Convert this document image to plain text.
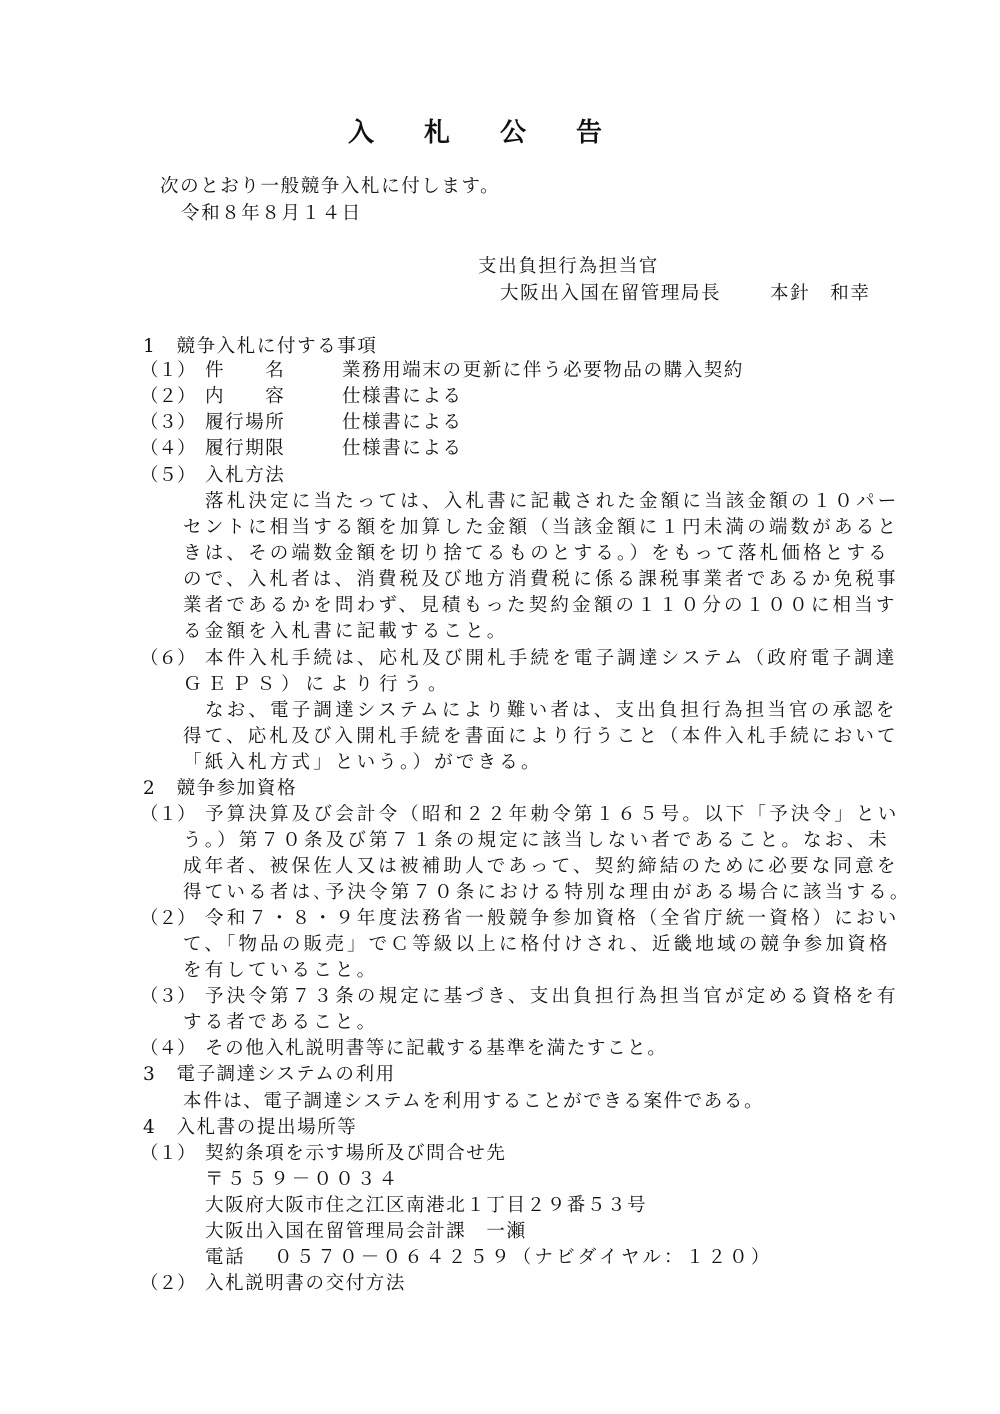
入札公告
次のとおり一般競争入札に付します。
令和８年８月１４日
支出負担行為担当官
大阪出入国在留管理局長	本針　和幸
1　競争入札に付する事項
（１） 件　　名	業務用端末の更新に伴う必要物品の購入契約
（２） 内　　容	仕様書による
（３） 履行場所	仕様書による
（４） 履行期限	仕様書による
（５） 入札方法
落札決定に当たっては、入札書に記載された金額に当該金額の１０パー
セントに相当する額を加算した金額（当該金額に１円未満の端数があると
きは、その端数金額を切り捨てるものとする。）をもって落札価格とする
ので、入札者は、消費税及び地方消費税に係る課税事業者であるか免税事
業者であるかを問わず、見積もった契約金額の１１０分の１００に相当す
る金額を入札書に記載すること。
（６） 本件入札手続は、応札及び開札手続を電子調達システム（政府電子調達
ＧＥＰＳ）により行う。
なお、電子調達システムにより難い者は、支出負担行為担当官の承認を
得て、応札及び入開札手続を書面により行うこと（本件入札手続において
「紙入札方式」という。）ができる。
2　競争参加資格
（１） 予算決算及び会計令（昭和２２年勅令第１６５号。以下「予決令」とい
う。）第７０条及び第７１条の規定に該当しない者であること。なお、未
成年者、被保佐人又は被補助人であって、契約締結のために必要な同意を
得ている者は､予決令第７０条における特別な理由がある場合に該当する。
（２） 令和７・８・９年度法務省一般競争参加資格（全省庁統一資格）におい
て、「物品の販売」でＣ等級以上に格付けされ、近畿地域の競争参加資格
を有していること。
（３） 予決令第７３条の規定に基づき、支出負担行為担当官が定める資格を有
する者であること。
（４） その他入札説明書等に記載する基準を満たすこと。
3　電子調達システムの利用
本件は、電子調達システムを利用することができる案件である。
4　入札書の提出場所等
（１） 契約条項を示す場所及び問合せ先
〒５５９－００３４
大阪府大阪市住之江区南港北１丁目２９番５３号
大阪出入国在留管理局会計課　一瀬
電話 ０５７０－０６４２５９（ナビダイヤル：１２０）
（２） 入札説明書の交付方法
